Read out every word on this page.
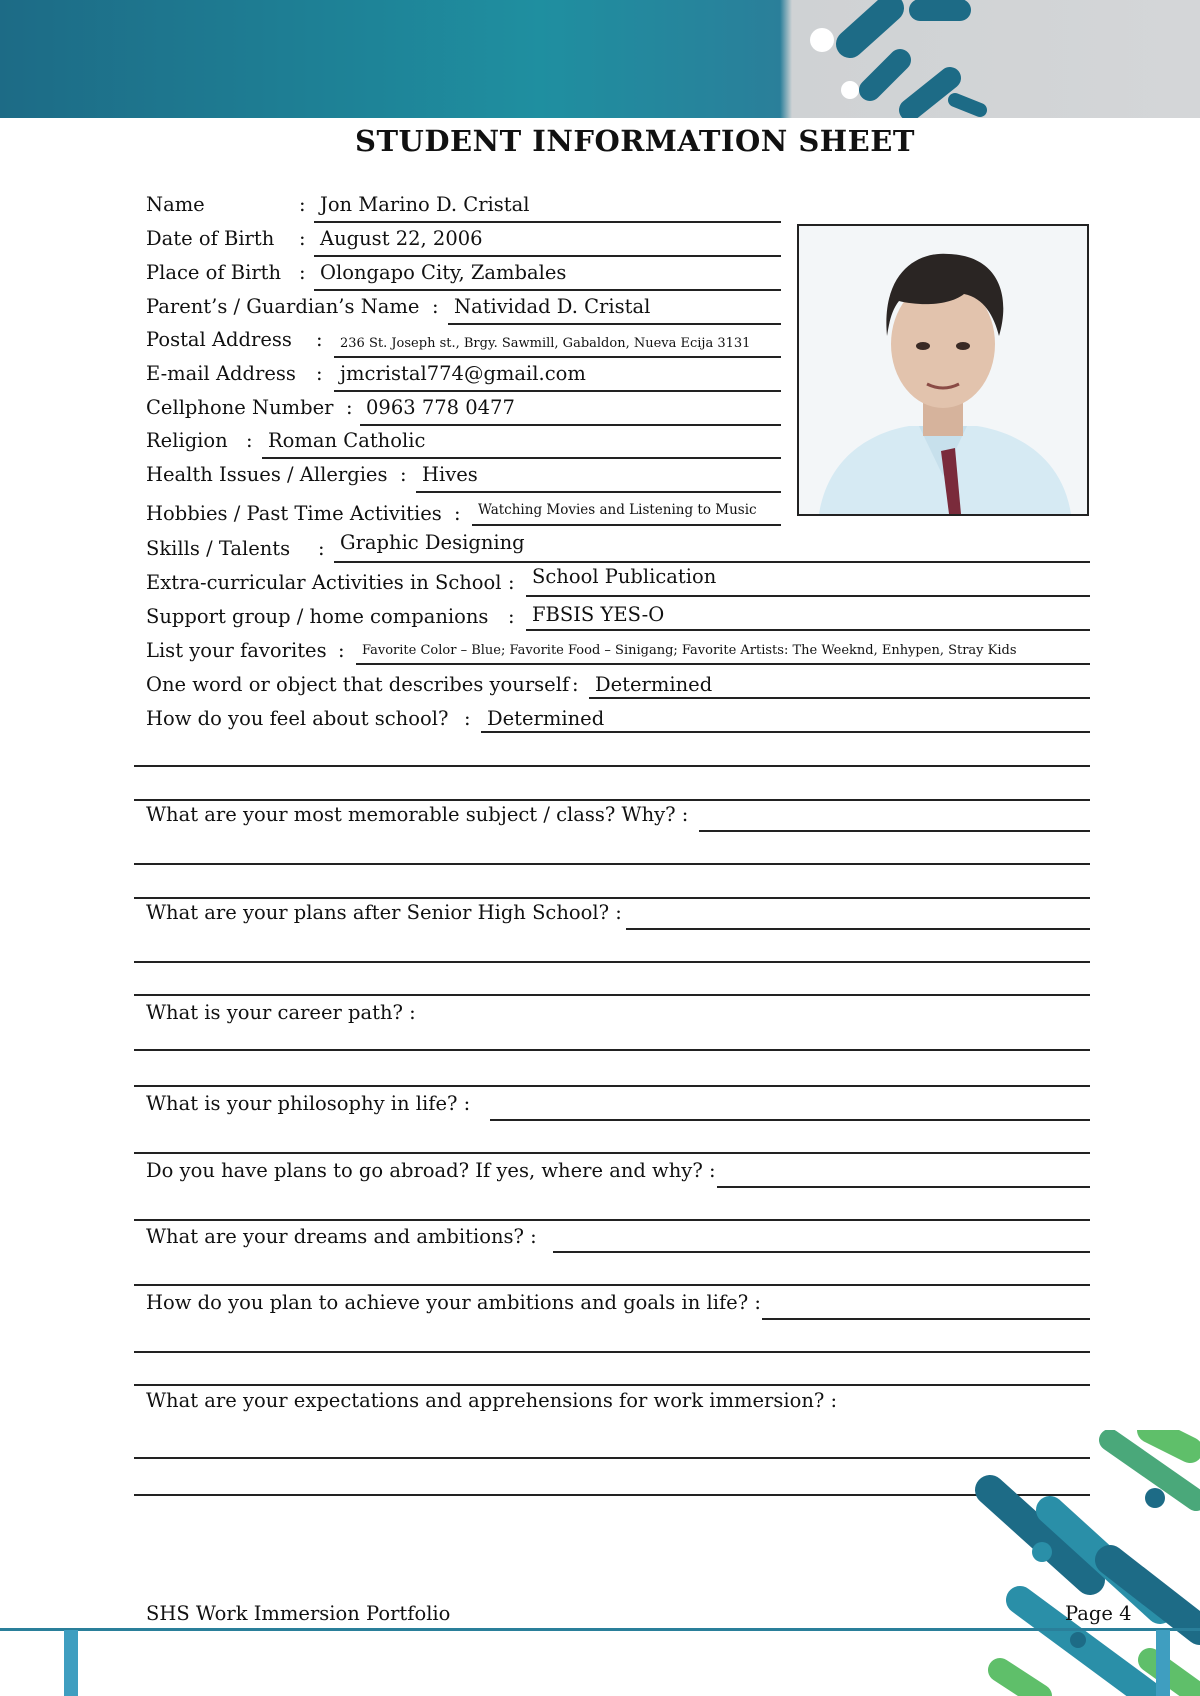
STUDENT INFORMATION SHEET
Name	: Jon Marino D. Cristal
Date of Birth : August 22, 2006
Place of Birth : Olongapo City, Zambales
Parent’s / Guardian’s Name : Natividad D. Cristal
Postal Address : 236 St. Joseph st., Brgy. Sawmill, Gabaldon, Nueva Ecija 3131
E-mail Address : jmcristal774@gmail.com
Cellphone Number : 0963 778 0477
Religion : Roman Catholic
Health Issues / Allergies : Hives
Hobbies / Past Time Activities : Watching Movies and Listening to Music
Skills / Talents : Graphic Designing
Extra-curricular Activities in School : School Publication
Support group / home companions : FBSIS YES-O
List your favorites : Favorite Color – Blue; Favorite Food – Sinigang; Favorite Artists: The Weeknd, Enhypen, Stray Kids
One word or object that describes yourself : Determined
How do you feel about school? : Determined
What are your most memorable subject / class? Why? :
What are your plans after Senior High School? :
What is your career path? :
What is your philosophy in life? :
Do you have plans to go abroad? If yes, where and why? :
What are your dreams and ambitions? :
How do you plan to achieve your ambitions and goals in life? :
What are your expectations and apprehensions for work immersion? :
SHS Work Immersion Portfolio	Page 4
